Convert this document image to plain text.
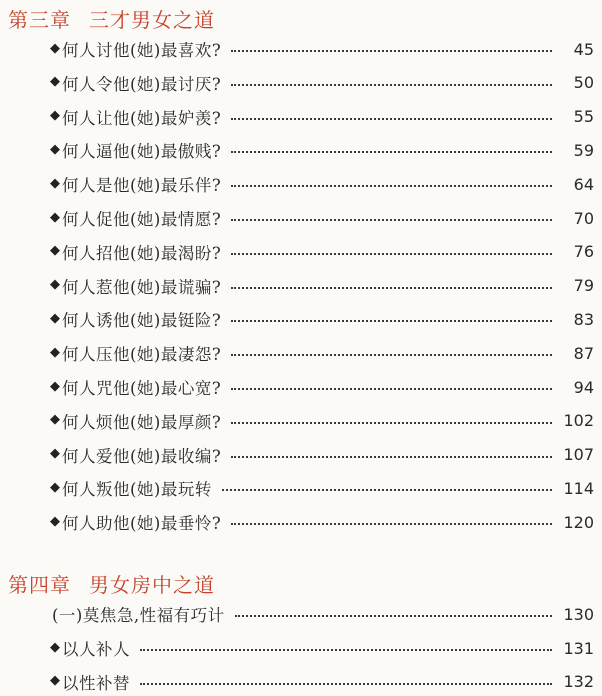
第三章 三才男女之道
◆ 何人讨他(她)最喜欢?	45
◆ 何人令他(她)最讨厌?	50
◆ 何人让他(她)最妒羡?	55
◆ 何人逼他(她)最傲贱?	59
◆ 何人是他(她)最乐伴?	64
◆ 何人促他(她)最情愿?	70
◆ 何人招他(她)最渴盼?	76
◆ 何人惹他(她)最谎骗?	79
◆ 何人诱他(她)最铤险?	83
◆ 何人压他(她)最凄怨?	87
◆ 何人咒他(她)最心宽?	94
◆ 何人烦他(她)最厚颜?	102
◆ 何人爱他(她)最收编?	107
◆ 何人叛他(她)最玩转	114
◆ 何人助他(她)最垂怜?	120
第四章 男女房中之道
(一)莫焦急,性福有巧计	130
◆ 以人补人	131
◆ 以性补替	132
